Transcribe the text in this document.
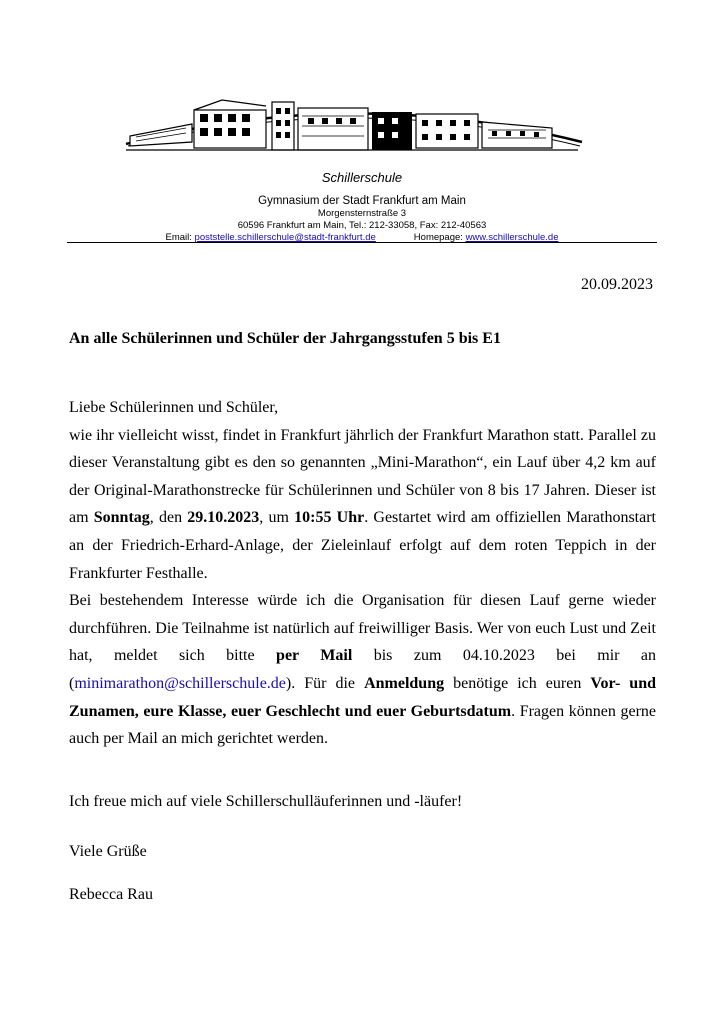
Schillerschule
Gymnasium der Stadt Frankfurt am Main
Morgensternstraße 3
60596 Frankfurt am Main, Tel.: 212-33058, Fax: 212-40563
Email: poststelle.schillerschule@stadt-frankfurt.de	Homepage: www.schillerschule.de
20.09.2023
An alle Schülerinnen und Schüler der Jahrgangsstufen 5 bis E1

Liebe Schülerinnen und Schüler,

wie ihr vielleicht wisst, findet in Frankfurt jährlich der Frankfurt Marathon statt. Parallel zu dieser Veranstaltung gibt es den so genannten „Mini-Marathon“, ein Lauf über 4,2 km auf der Original-Marathonstrecke für Schülerinnen und Schüler von 8 bis 17 Jahren. Dieser ist am Sonntag, den 29.10.2023, um 10:55 Uhr. Gestartet wird am offiziellen Marathonstart an der Friedrich-Erhard-Anlage, der Zieleinlauf erfolgt auf dem roten Teppich in der Frankfurter Festhalle.

Bei bestehendem Interesse würde ich die Organisation für diesen Lauf gerne wieder durchführen. Die Teilnahme ist natürlich auf freiwilliger Basis. Wer von euch Lust und Zeit hat, meldet sich bitte per Mail bis zum 04.10.2023 bei mir an (minimarathon@schillerschule.de). Für die Anmeldung benötige ich euren Vor- und Zunamen, eure Klasse, euer Geschlecht und euer Geburtsdatum. Fragen können gerne auch per Mail an mich gerichtet werden.

Ich freue mich auf viele Schillerschulläuferinnen und -läufer!
Viele Grüße
Rebecca Rau
